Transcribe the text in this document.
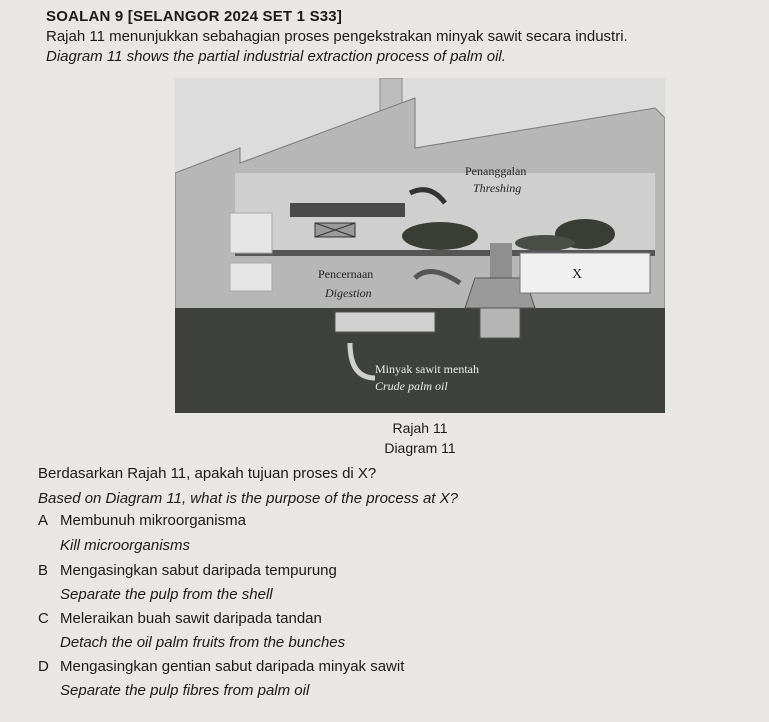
SOALAN 9 [SELANGOR 2024 SET 1 S33]
Rajah 11 menunjukkan sebahagian proses pengekstrakan minyak sawit secara industri.
Diagram 11 shows the partial industrial extraction process of palm oil.
Penanggalan
Threshing
Pencernaan
Digestion
X
Minyak sawit mentah
Crude palm oil
Rajah 11
Diagram 11
Berdasarkan Rajah 11, apakah tujuan proses di X?
Based on Diagram 11, what is the purpose of the process at X?
A Membunuh mikroorganisma
Kill microorganisms
B Mengasingkan sabut daripada tempurung
Separate the pulp from the shell
C Meleraikan buah sawit daripada tandan
Detach the oil palm fruits from the bunches
D Mengasingkan gentian sabut daripada minyak sawit
Separate the pulp fibres from palm oil
